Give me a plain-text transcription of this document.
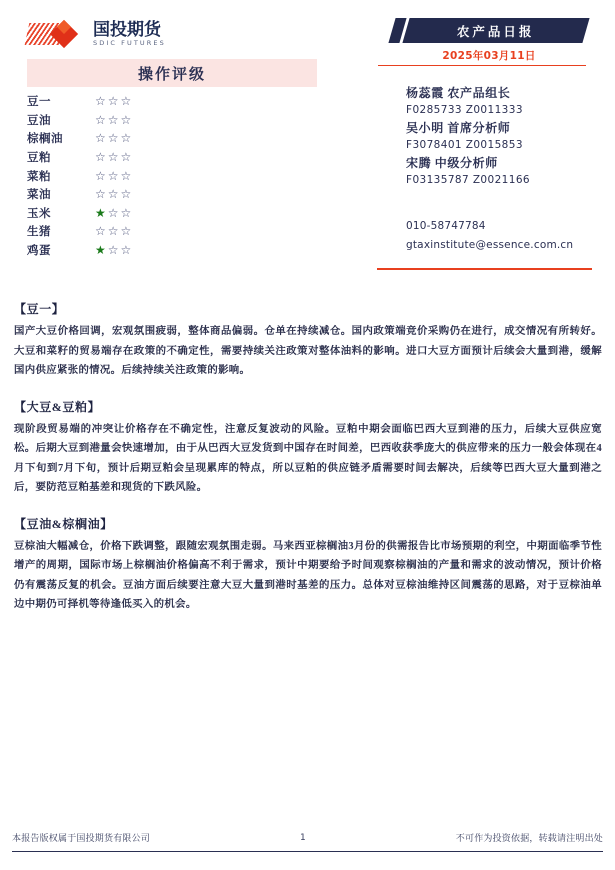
国投期货
SDIC FUTURES
操作评级
豆一	☆ ☆ ☆
豆油	☆ ☆ ☆
棕榈油	☆ ☆ ☆
豆粕	☆ ☆ ☆
菜粕	☆ ☆ ☆
菜油	☆ ☆ ☆
玉米	★ ☆ ☆
生猪	☆ ☆ ☆
鸡蛋	★ ☆ ☆
农产品日报
2025年03月11日
杨蕊霞 农产品组长
F0285733 Z0011333
吴小明 首席分析师
F3078401 Z0015853
宋腾 中级分析师
F03135787 Z0021166
010-58747784
gtaxinstitute@essence.com.cn
【豆一】
国产大豆价格回调，宏观氛围疲弱，整体商品偏弱。仓单在持续减仓。国内政策端竞价采购仍在进行，成交情况有所转好。大豆和菜籽的贸易端存在政策的不确定性，需要持续关注政策对整体油料的影响。进口大豆方面预计后续会大量到港，缓解国内供应紧张的情况。后续持续关注政策的影响。
【大豆&豆粕】
现阶段贸易端的冲突让价格存在不确定性，注意反复波动的风险。豆粕中期会面临巴西大豆到港的压力，后续大豆供应宽松。后期大豆到港量会快速增加，由于从巴西大豆发货到中国存在时间差，巴西收获季庞大的供应带来的压力一般会体现在4月下旬到7月下旬，预计后期豆粕会呈现累库的特点，所以豆粕的供应链矛盾需要时间去解决，后续等巴西大豆大量到港之后，要防范豆粕基差和现货的下跌风险。
【豆油&棕榈油】
豆棕油大幅减仓，价格下跌调整，跟随宏观氛围走弱。马来西亚棕榈油3月份的供需报告比市场预期的利空，中期面临季节性增产的周期，国际市场上棕榈油价格偏高不利于需求，预计中期要给予时间观察棕榈油的产量和需求的波动情况，预计价格仍有震荡反复的机会。豆油方面后续要注意大豆大量到港时基差的压力。总体对豆棕油维持区间震荡的思路，对于豆棕油单边中期仍可择机等待逢低买入的机会。
本报告版权属于国投期货有限公司	1	不可作为投资依据，转载请注明出处
